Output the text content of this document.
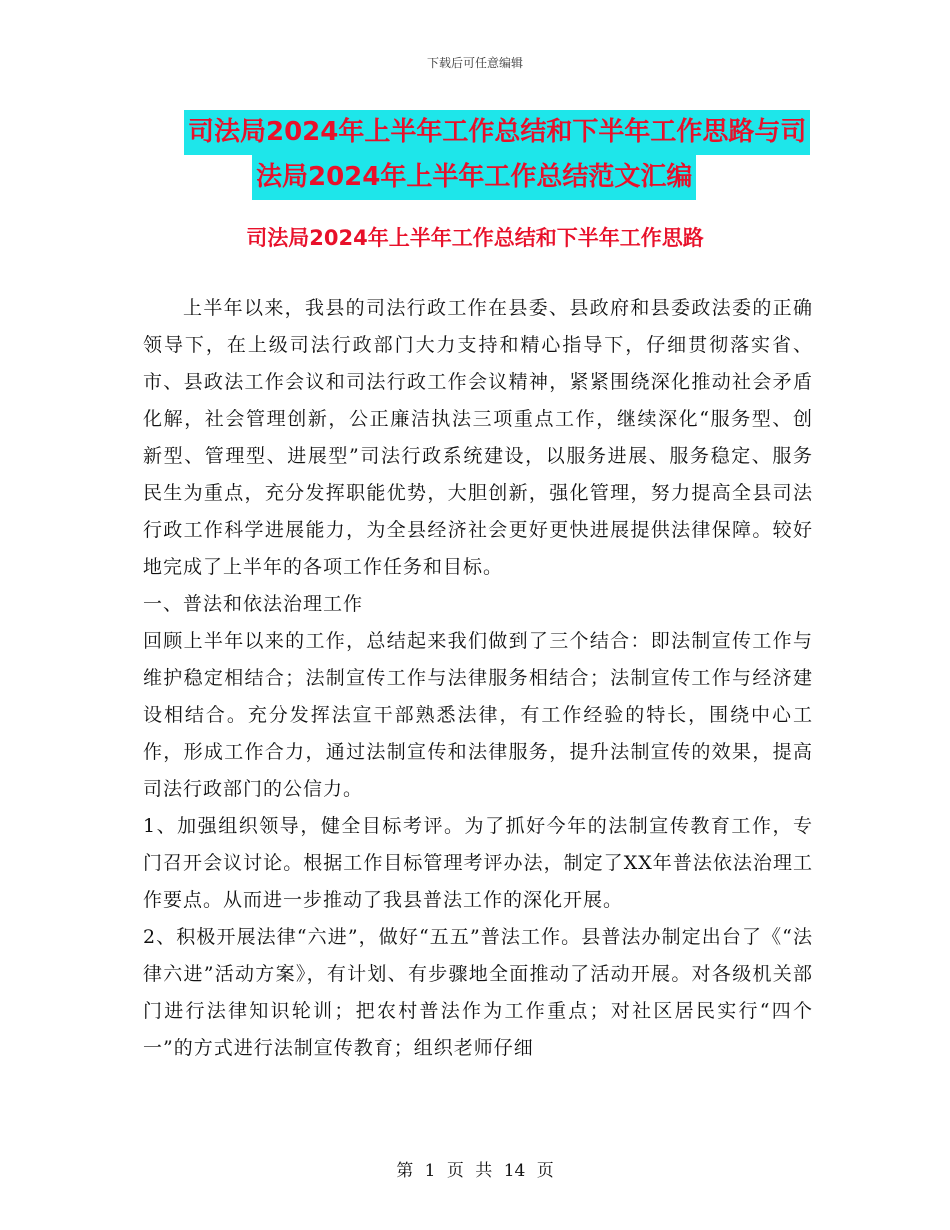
下载后可任意编辑
司法局2024年上半年工作总结和下半年工作思路与司
法局2024年上半年工作总结范文汇编
司法局2024年上半年工作总结和下半年工作思路

上半年以来，我县的司法行政工作在县委、县政府和县委政法委的正确领导下，在上级司法行政部门大力支持和精心指导下，仔细贯彻落实省、市、县政法工作会议和司法行政工作会议精神，紧紧围绕深化推动社会矛盾化解，社会管理创新，公正廉洁执法三项重点工作，继续深化“服务型、创新型、管理型、进展型”司法行政系统建设，以服务进展、服务稳定、服务民生为重点，充分发挥职能优势，大胆创新，强化管理，努力提高全县司法行政工作科学进展能力，为全县经济社会更好更快进展提供法律保障。较好地完成了上半年的各项工作任务和目标。

一、普法和依法治理工作

回顾上半年以来的工作，总结起来我们做到了三个结合：即法制宣传工作与维护稳定相结合；法制宣传工作与法律服务相结合；法制宣传工作与经济建设相结合。充分发挥法宣干部熟悉法律，有工作经验的特长，围绕中心工作，形成工作合力，通过法制宣传和法律服务，提升法制宣传的效果，提高司法行政部门的公信力。

1、加强组织领导，健全目标考评。为了抓好今年的法制宣传教育工作，专门召开会议讨论。根据工作目标管理考评办法，制定了XX年普法依法治理工作要点。从而进一步推动了我县普法工作的深化开展。

2、积极开展法律“六进”，做好“五五”普法工作。县普法办制定出台了《“法律六进”活动方案》，有计划、有步骤地全面推动了活动开展。对各级机关部门进行法律知识轮训；把农村普法作为工作重点；对社区居民实行“四个一”的方式进行法制宣传教育；组织老师仔细

第 1 页 共 14 页
